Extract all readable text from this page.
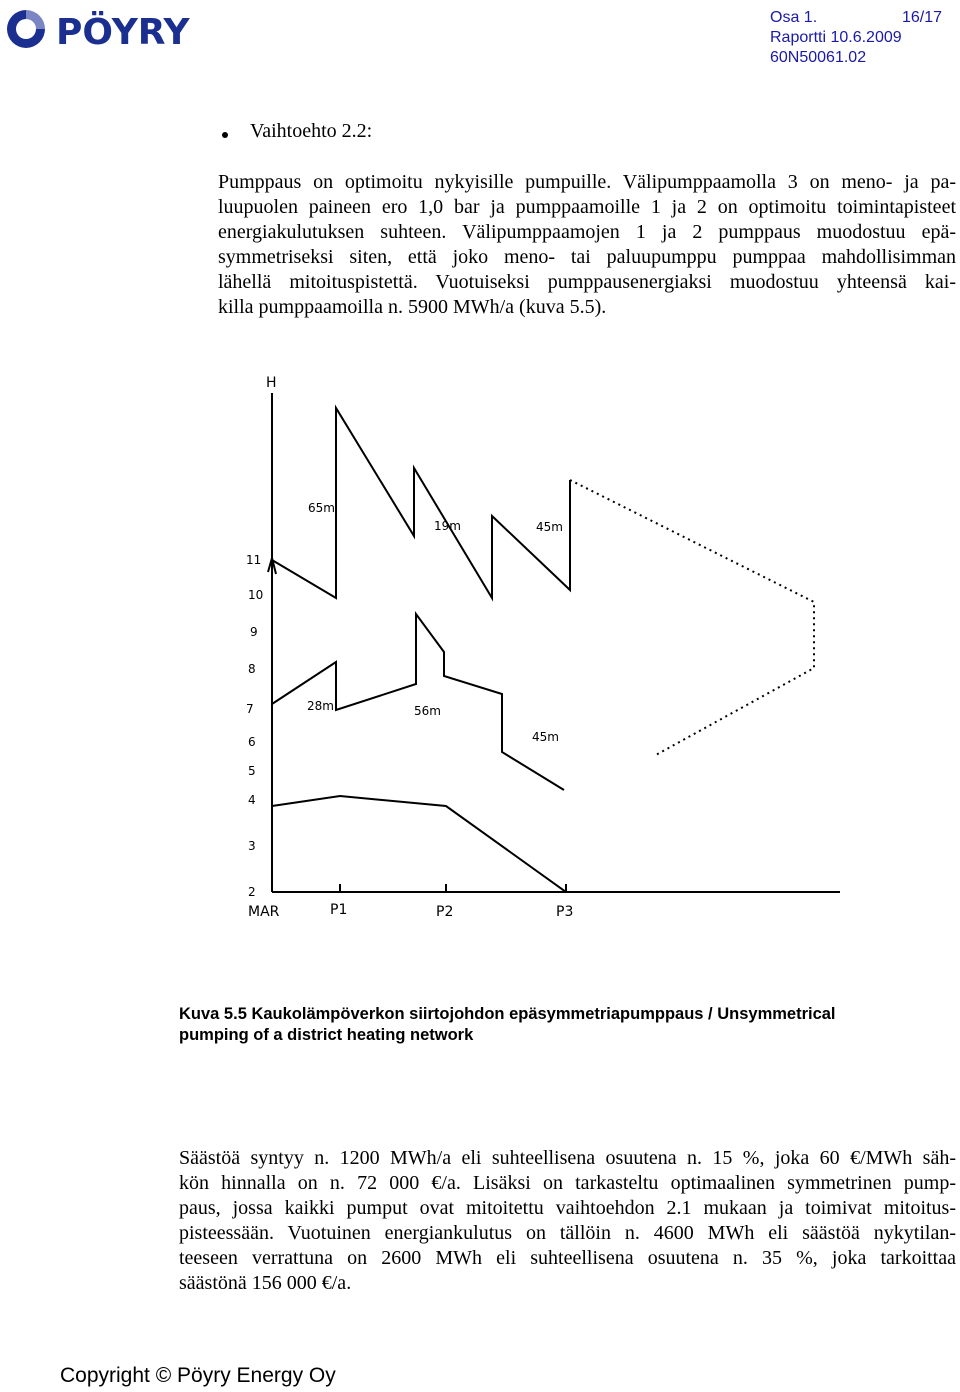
PÖYRY	Osa 1.	16/17
Raportti 10.6.2009
60N50061.02
Vaihtoehto 2.2:
Pumppaus on optimoitu nykyisille pumpuille. Välipumppaamolla 3 on meno- ja pa-
luupuolen paineen ero 1,0 bar ja pumppaamoille 1 ja 2 on optimoitu toimintapisteet
energiakulutuksen suhteen. Välipumppaamojen 1 ja 2 pumppaus muodostuu epä-
symmetriseksi siten, että joko meno- tai paluupumppu pumppaa mahdollisimman
lähellä mitoituspistettä. Vuotuiseksi pumppausenergiaksi muodostuu yhteensä kai-
killa pumppaamoilla n. 5900 MWh/a (kuva 5.5).
H
11
10
9
8
7
6
5
4
3
2
MAR	P1	P2	P3
65m
19m	45m
28m	56m
45m
Kuva 5.5 Kaukolämpöverkon siirtojohdon epäsymmetriapumppaus / Unsymmetrical
pumping of a district heating network
Säästöä syntyy n. 1200 MWh/a eli suhteellisena osuutena n. 15 %, joka 60 €/MWh säh-
kön hinnalla on n. 72 000 €/a. Lisäksi on tarkasteltu optimaalinen symmetrinen pump-
paus, jossa kaikki pumput ovat mitoitettu vaihtoehdon 2.1 mukaan ja toimivat mitoitus-
pisteessään. Vuotuinen energiankulutus on tällöin n. 4600 MWh eli säästöä nykytilan-
teeseen verrattuna on 2600 MWh eli suhteellisena osuutena n. 35 %, joka tarkoittaa
säästönä 156 000 €/a.
Copyright © Pöyry Energy Oy
